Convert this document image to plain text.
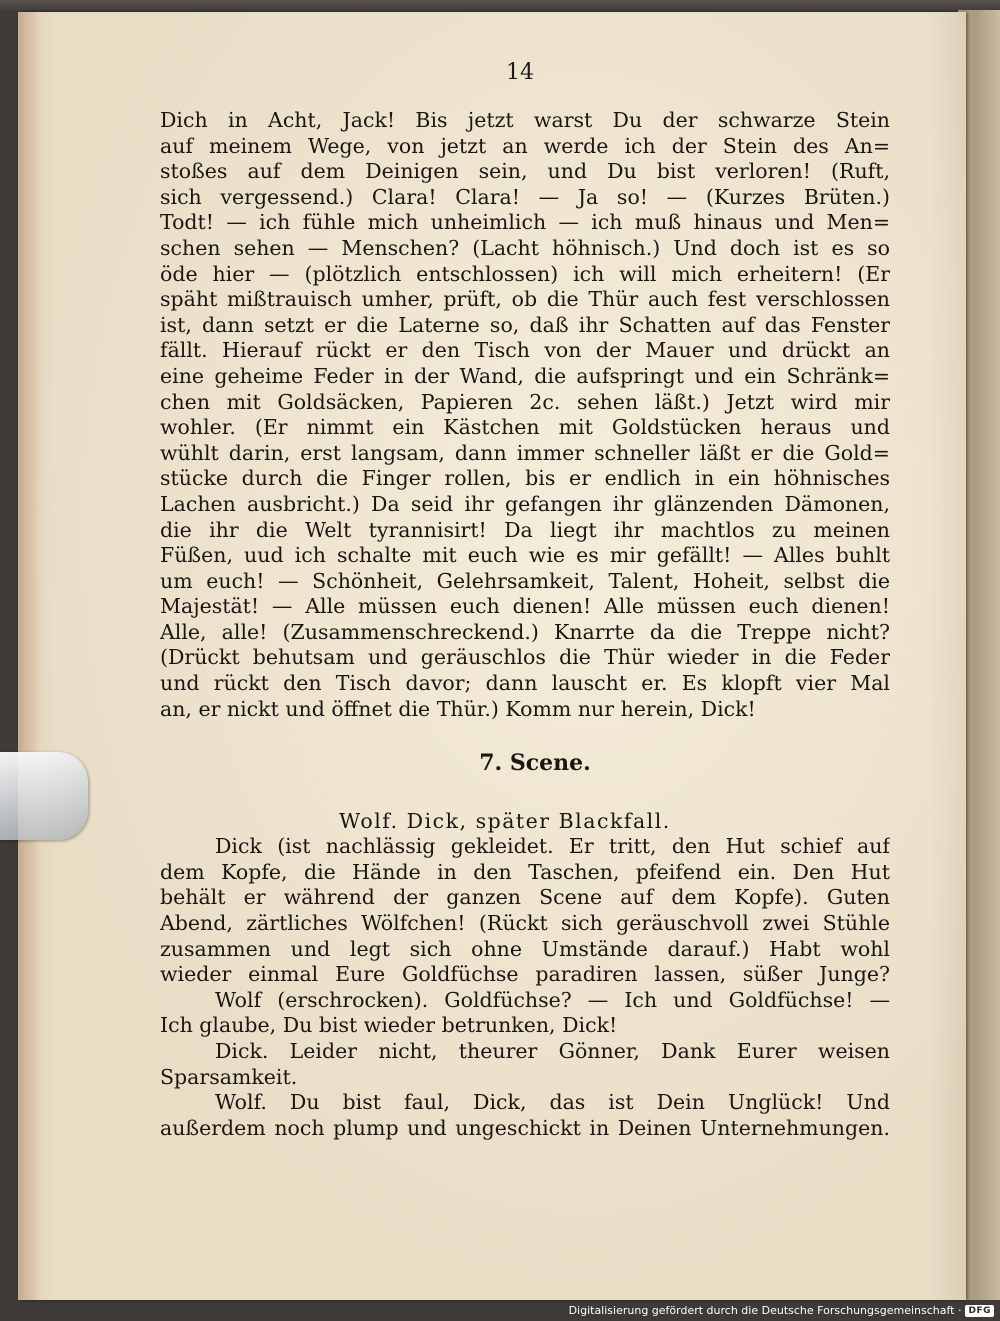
14
Dich in Acht, Jack! Bis jetzt warst Du der schwarze Stein
auf meinem Wege, von jetzt an werde ich der Stein des An=
stoßes auf dem Deinigen sein, und Du bist verloren! (Ruft,
sich vergessend.) Clara! Clara! — Ja so! — (Kurzes Brüten.)
Todt! — ich fühle mich unheimlich — ich muß hinaus und Men=
schen sehen — Menschen? (Lacht höhnisch.) Und doch ist es so
öde hier — (plötzlich entschlossen) ich will mich erheitern! (Er
späht mißtrauisch umher, prüft, ob die Thür auch fest verschlossen
ist, dann setzt er die Laterne so, daß ihr Schatten auf das Fenster
fällt. Hierauf rückt er den Tisch von der Mauer und drückt an
eine geheime Feder in der Wand, die aufspringt und ein Schränk=
chen mit Goldsäcken, Papieren 2c. sehen läßt.) Jetzt wird mir
wohler. (Er nimmt ein Kästchen mit Goldstücken heraus und
wühlt darin, erst langsam, dann immer schneller läßt er die Gold=
stücke durch die Finger rollen, bis er endlich in ein höhnisches
Lachen ausbricht.) Da seid ihr gefangen ihr glänzenden Dämonen,
die ihr die Welt tyrannisirt! Da liegt ihr machtlos zu meinen
Füßen, uud ich schalte mit euch wie es mir gefällt! — Alles buhlt
um euch! — Schönheit, Gelehrsamkeit, Talent, Hoheit, selbst die
Majestät! — Alle müssen euch dienen! Alle müssen euch dienen!
Alle, alle! (Zusammenschreckend.) Knarrte da die Treppe nicht?
(Drückt behutsam und geräuschlos die Thür wieder in die Feder
und rückt den Tisch davor; dann lauscht er. Es klopft vier Mal
an, er nickt und öffnet die Thür.) Komm nur herein, Dick!
7. Scene.
Wolf. Dick, später Blackfall.
Dick (ist nachlässig gekleidet. Er tritt, den Hut schief auf
dem Kopfe, die Hände in den Taschen, pfeifend ein. Den Hut
behält er während der ganzen Scene auf dem Kopfe). Guten
Abend, zärtliches Wölfchen! (Rückt sich geräuschvoll zwei Stühle
zusammen und legt sich ohne Umstände darauf.) Habt wohl
wieder einmal Eure Goldfüchse paradiren lassen, süßer Junge?
Wolf (erschrocken). Goldfüchse? — Ich und Goldfüchse! —
Ich glaube, Du bist wieder betrunken, Dick!
Dick. Leider nicht, theurer Gönner, Dank Eurer weisen
Sparsamkeit.
Wolf. Du bist faul, Dick, das ist Dein Unglück! Und
außerdem noch plump und ungeschickt in Deinen Unternehmungen.
Digitalisierung gefördert durch die Deutsche Forschungsgemeinschaft · DFG
